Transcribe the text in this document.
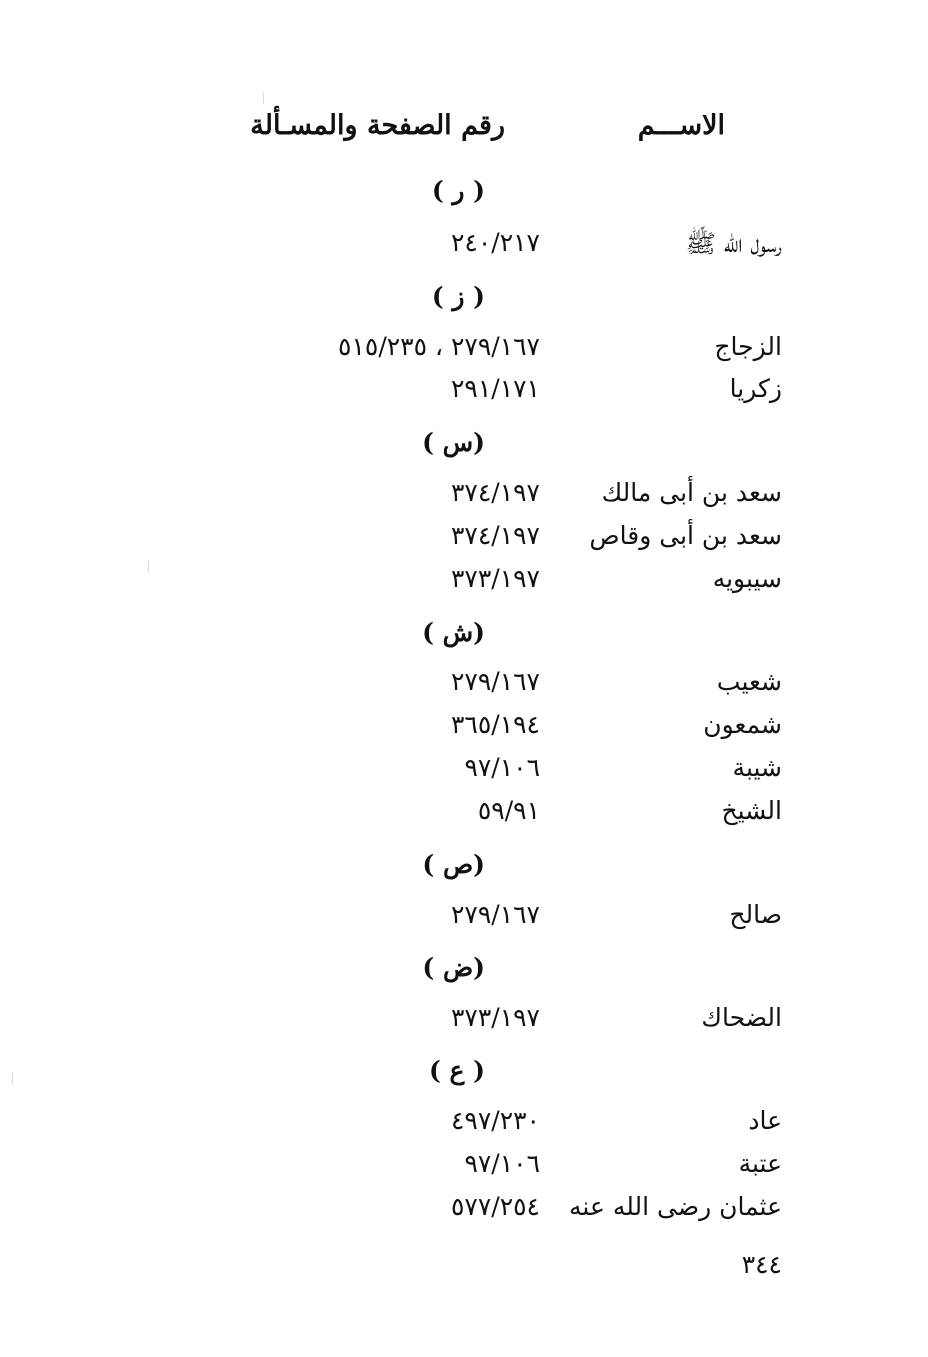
الاســـم
رقم الصفحة والمسـألة
( ر )
رسول الله ﷺ
٢٤٠/٢١٧
( ز )
الزجاج
٢٧٩/١٦٧ ، ٥١٥/٢٣٥
زكريا
٢٩١/١٧١
(س )
سعد بن أبى مالك
٣٧٤/١٩٧
سعد بن أبى وقاص
٣٧٤/١٩٧
سيبويه
٣٧٣/١٩٧
(ش )
شعيب
٢٧٩/١٦٧
شمعون
٣٦٥/١٩٤
شيبة
٩٧/١٠٦
الشيخ
٥٩/٩١
(ص )
صالح
٢٧٩/١٦٧
(ض )
الضحاك
٣٧٣/١٩٧
( ع )
عاد
٤٩٧/٢٣٠
عتبة
٩٧/١٠٦
عثمان رضى الله عنه
٥٧٧/٢٥٤
٣٤٤
